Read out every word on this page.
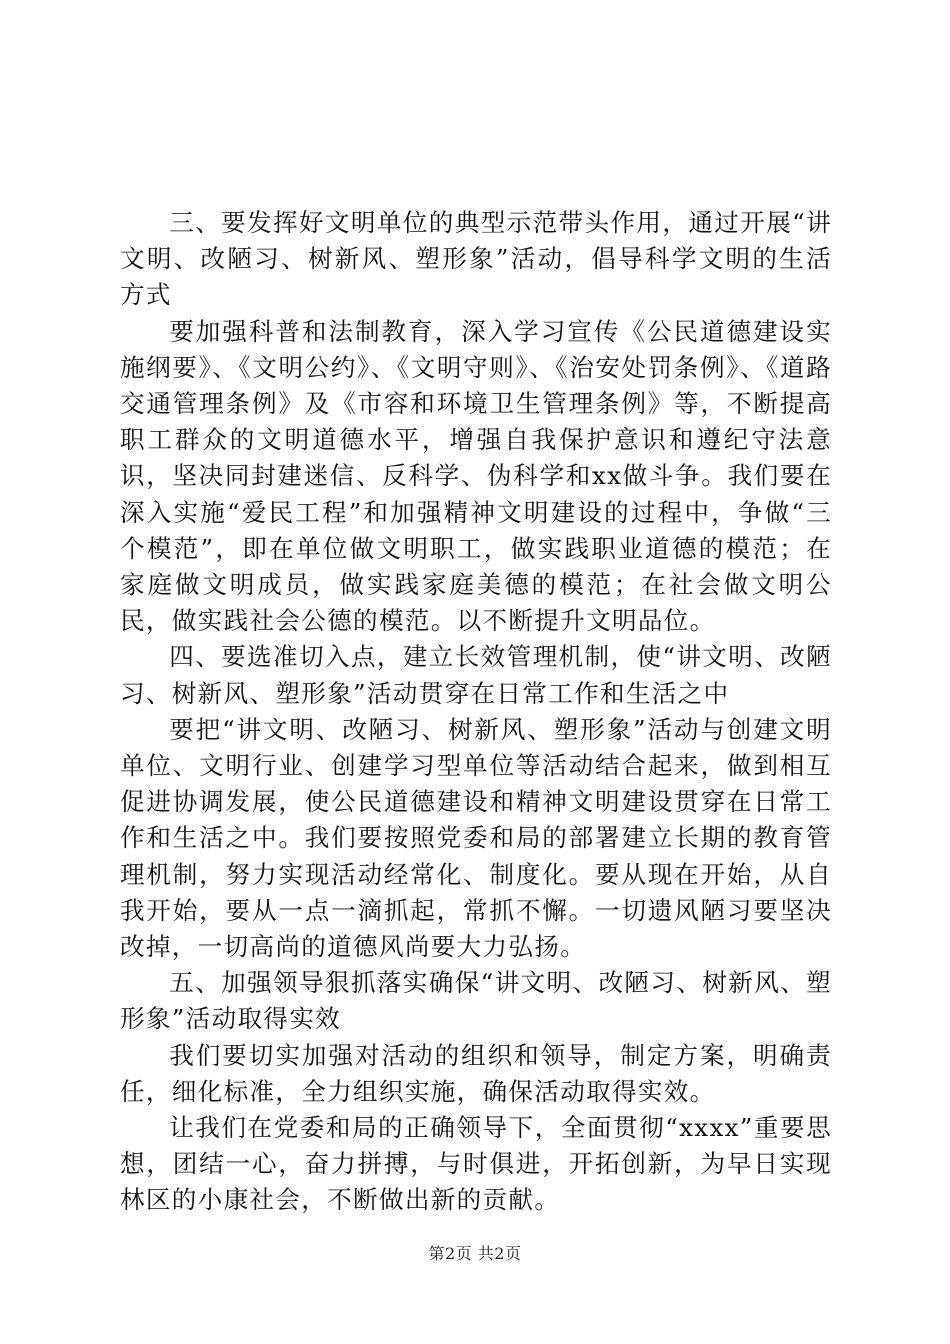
三、要发挥好文明单位的典型示范带头作用，通过开展“讲文明、改陋习、树新风、塑形象”活动，倡导科学文明的生活方式

要加强科普和法制教育，深入学习宣传《公民道德建设实施纲要》、《文明公约》、《文明守则》、《治安处罚条例》、《道路交通管理条例》及《市容和环境卫生管理条例》等，不断提高职工群众的文明道德水平，增强自我保护意识和遵纪守法意识，坚决同封建迷信、反科学、伪科学和xx做斗争。我们要在深入实施“爱民工程”和加强精神文明建设的过程中，争做“三个模范”，即在单位做文明职工，做实践职业道德的模范；在家庭做文明成员，做实践家庭美德的模范；在社会做文明公民，做实践社会公德的模范。以不断提升文明品位。

四、要选准切入点，建立长效管理机制，使“讲文明、改陋习、树新风、塑形象”活动贯穿在日常工作和生活之中

要把“讲文明、改陋习、树新风、塑形象”活动与创建文明单位、文明行业、创建学习型单位等活动结合起来，做到相互促进协调发展，使公民道德建设和精神文明建设贯穿在日常工作和生活之中。我们要按照党委和局的部署建立长期的教育管理机制，努力实现活动经常化、制度化。要从现在开始，从自我开始，要从一点一滴抓起，常抓不懈。一切遗风陋习要坚决改掉，一切高尚的道德风尚要大力弘扬。

五、加强领导狠抓落实确保“讲文明、改陋习、树新风、塑形象”活动取得实效

我们要切实加强对活动的组织和领导，制定方案，明确责任，细化标准，全力组织实施，确保活动取得实效。

让我们在党委和局的正确领导下，全面贯彻“xxxx”重要思想，团结一心，奋力拼搏，与时俱进，开拓创新，为早日实现林区的小康社会，不断做出新的贡献。

第2页 共2页
